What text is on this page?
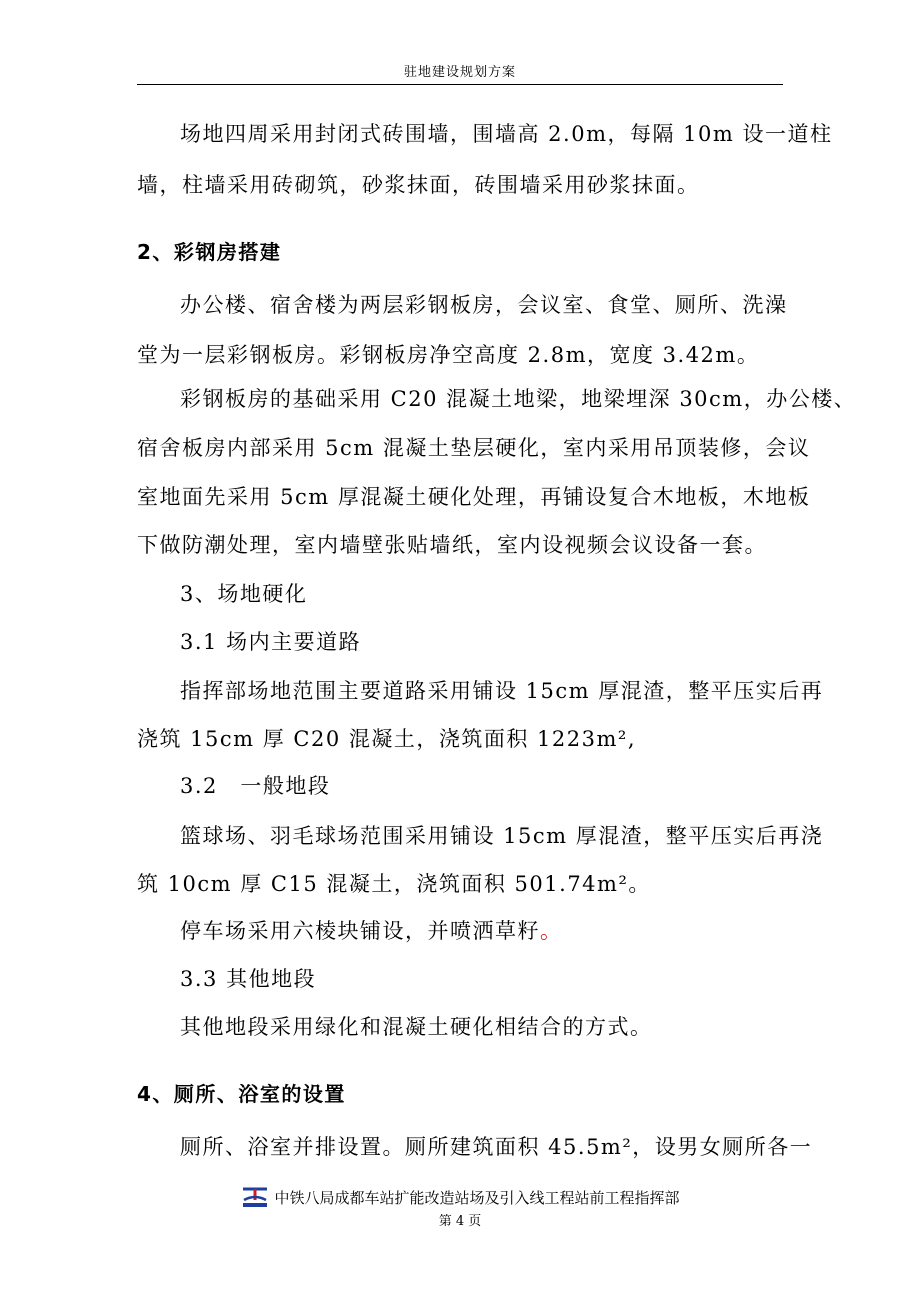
驻地建设规划方案
场地四周采用封闭式砖围墙，围墙高 2.0m，每隔 10m 设一道柱
墙，柱墙采用砖砌筑，砂浆抹面，砖围墙采用砂浆抹面。
2、彩钢房搭建
办公楼、宿舍楼为两层彩钢板房，会议室、食堂、厕所、洗澡
堂为一层彩钢板房。彩钢板房净空高度 2.8m，宽度 3.42m。
彩钢板房的基础采用 C20 混凝土地梁，地梁埋深 30cm，办公楼、
宿舍板房内部采用 5cm 混凝土垫层硬化，室内采用吊顶装修，会议
室地面先采用 5cm 厚混凝土硬化处理，再铺设复合木地板，木地板
下做防潮处理，室内墙壁张贴墙纸，室内设视频会议设备一套。
3、场地硬化
3.1 场内主要道路
指挥部场地范围主要道路采用铺设 15cm 厚混渣，整平压实后再
浇筑 15cm 厚 C20 混凝土，浇筑面积 1223m²,
3.2　一般地段
篮球场、羽毛球场范围采用铺设 15cm 厚混渣，整平压实后再浇
筑 10cm 厚 C15 混凝土，浇筑面积 501.74m²。
停车场采用六棱块铺设，并喷洒草籽。
3.3 其他地段
其他地段采用绿化和混凝土硬化相结合的方式。
4、厕所、浴室的设置
厕所、浴室并排设置。厕所建筑面积 45.5m²，设男女厕所各一
中铁八局成都车站扩能改造站场及引入线工程站前工程指挥部
第 4 页
